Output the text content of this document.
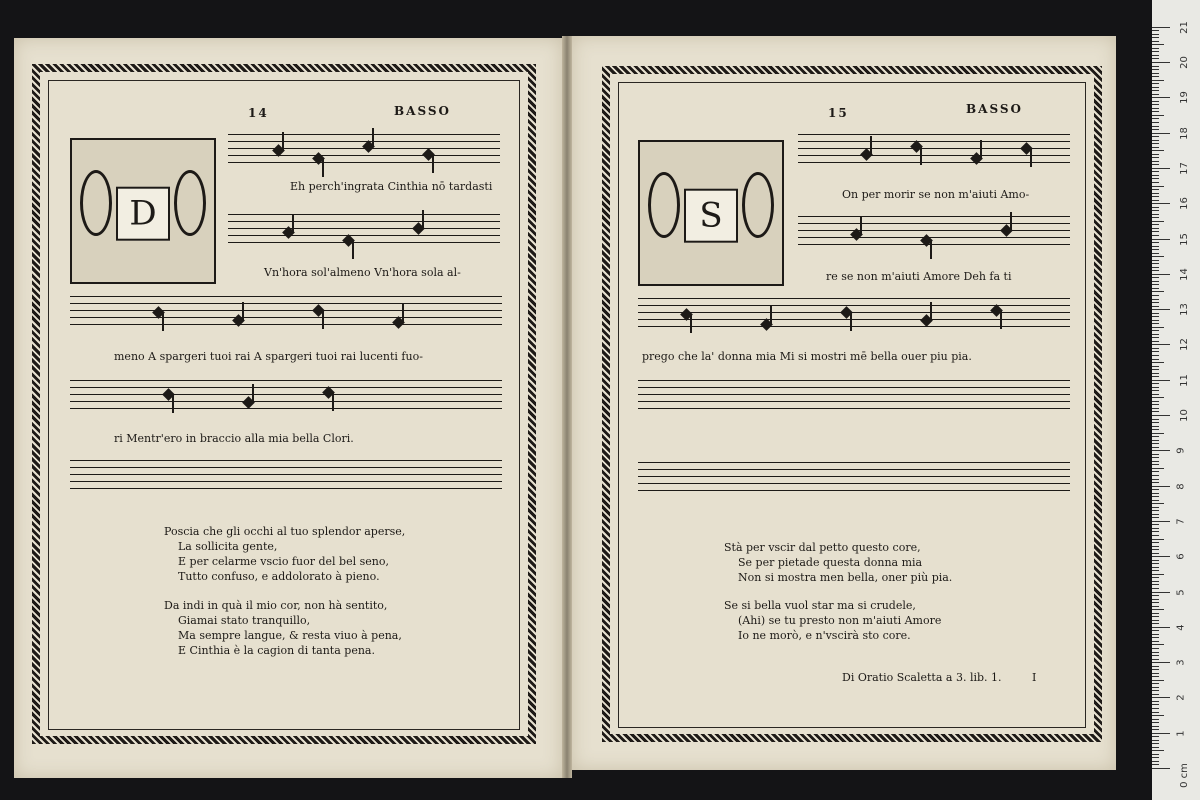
14	BASSO
D
Eh perch'ingrata Cinthia nō tardasti
Vn'hora sol'almeno Vn'hora sola al-
meno A spargeri tuoi rai A spargeri tuoi rai lucenti fuo-
ri Mentr'ero in braccio alla mia bella Clori.
Poscia che gli occhi al tuo splendor aperse,
La sollicita gente,
E per celarme vscio fuor del bel seno,
Tutto confuso, e addolorato à pieno.
Da indi in quà il mio cor, non hà sentito,
Giamai stato tranquillo,
Ma sempre langue, & resta viuo à pena,
E Cinthia è la cagion di tanta pena.
15	BASSO
S
On per morir se non m'aiuti Amo-
re se non m'aiuti Amore Deh fa ti
prego che la' donna mia Mi si mostri mē bella ouer piu pia.
Stà per vscir dal petto questo core,
Se per pietade questa donna mia
Non si mostra men bella, oner più pia.
Se si bella vuol star ma si crudele,
(Ahi) se tu presto non m'aiuti Amore
Io ne morò, e n'vscirà sto core.
Di Oratio Scaletta a 3. lib. 1.	I
0 cm
1
2
3
4
5
6
7
8
9
10
11
12
13
14
15
16
17
18
19
20
21
